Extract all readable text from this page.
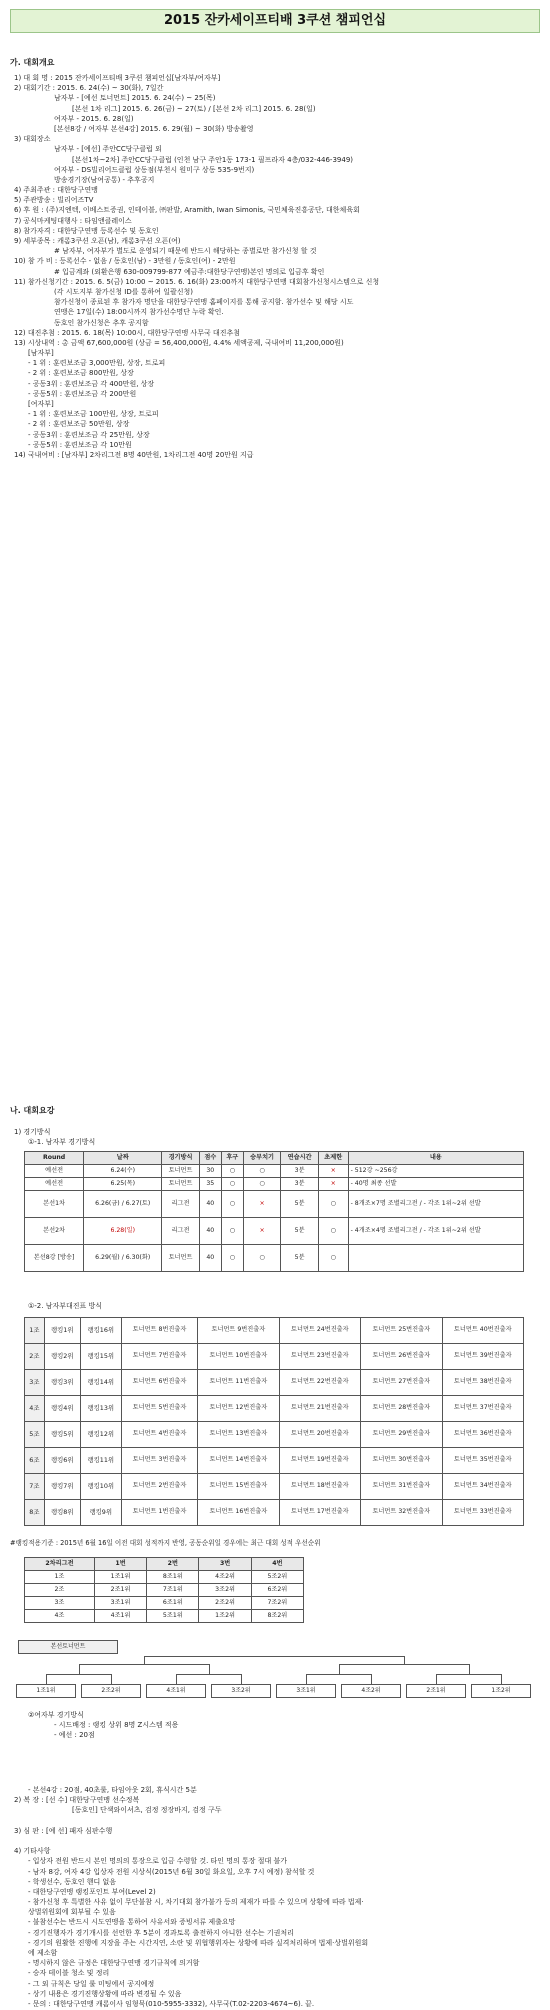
2015 잔카세이프티배 3쿠션 챔피언십
가. 대회개요
1) 대 회 명 : 2015 잔카세이프티배 3쿠션 챔피언십[남자부/여자부]
2) 대회기간 : 2015. 6. 24(수) ~ 30(화), 7일간
남자부 - [예선 토너먼트] 2015. 6. 24(수) ~ 25(목)
[본선 1차 리그] 2015. 6. 26(금) ~ 27(토) / [본선 2차 리그] 2015. 6. 28(일)
여자부 - 2015. 6. 28(일)
[본선8강 / 여자부 본선4강] 2015. 6. 29(월) ~ 30(화) 방송촬영
3) 대회장소
남자부 - [예선] 주안CC당구클럽 외
[본선1차~2차] 주안CC당구클럽 (인천 남구 주안1동 173-1 필프라자 4층/032-446-3949)
여자부 - DS빌리어드클럽 상동점(부천시 원미구 상동 535-9번지)
방송경기장(남여공통) - 추후공지
4) 주최주관 : 대한당구연맹
5) 주관방송 : 빌리어즈TV
6) 후 원 : (주)지엔텍, 이베스트증권, 인테이블, ㈜판발, Aramith, Iwan Simonis, 국민체육진흥공단, 대한체육회
7) 공식마케팅대행사 : 타임앤클레이스
8) 참가자격 : 대한당구연맹 등록선수 및 동호인
9) 세부종목 : 캐롬3쿠션 오픈(남), 캐롬3쿠션 오픈(여)
# 남자부, 여자부가 별도로 운영되기 때문에 반드시 해당하는 종별로만 참가신청 할 것
10) 참 가 비 : 등록선수 - 없음 / 동호인(남) - 3만원 / 동호인(여) - 2만원
# 입금계좌 (외환은행 630-009799-877 예금주:대한당구연맹)본인 명의로 입금후 확인
11) 참가신청기간 : 2015. 6. 5(금) 10:00 ~ 2015. 6. 16(화) 23:00까지 대한당구연맹 대회참가신청시스템으로 신청
(각 시도지부 참가신청 ID를 통하여 일괄신청)
참가신청이 종료된 후 참가자 명단을 대한당구연맹 홈페이지를 통해 공지함. 참가선수 및 해당 시도
연맹은 17일(수) 18:00시까지 참가선수명단 누락 확인.
동호인 참가신청은 추후 공지함
12) 대진추첨 : 2015. 6. 18(목) 10:00시, 대한당구연맹 사무국 대진추첨
13) 시상내역 : 총 금액 67,600,000원 (상금 = 56,400,000원, 4.4% 세액공제, 국내여비 11,200,000원)
[남자부]
- 1 위 : 훈련보조금 3,000만원, 상장, 트로피
- 2 위 : 훈련보조금 800만원, 상장
- 공동3위 : 훈련보조금 각 400만원, 상장
- 공동5위 : 훈련보조금 각 200만원
[여자부]
- 1 위 : 훈련보조금 100만원, 상장, 트로피
- 2 위 : 훈련보조금 50만원, 상장
- 공동3위 : 훈련보조금 각 25만원, 상장
- 공동5위 : 훈련보조금 각 10만원
14) 국내여비 : [남자부] 2차리그전 8명 40만원, 1차리그전 40명 20만원 지급
나. 대회요강
1) 경기방식
①-1. 남자부 경기방식
Round	날짜	경기방식	점수	후구	승부치기	연습시간	초제한	내용
예선전	6.24(수)	토너먼트	30	○	○	3분	×	- 512강 ~256강
예선전	6.25(목)	토너먼트	35	○	○	3분	×	- 40명 최종 선발
본선1차	6.26(금) / 6.27(토)	리그전	40	○	×	5분	○	- 8개조×7명 조별리그전 / - 각조 1위~2위 선발
본선2차	6.28(일)	리그전	40	○	×	5분	○	- 4개조×4명 조별리그전 / - 각조 1위~2위 선발
본선8강 [방송]	6.29(월) / 6.30(화)	토너먼트	40	○	○	5분	○	
①-2. 남자부대진표 방식
1조	랭킹1위	랭킹16위	토너먼트 8번진출자	토너먼트 9번진출자	토너먼트 24번진출자	토너먼트 25번진출자	토너먼트 40번진출자
2조	랭킹2위	랭킹15위	토너먼트 7번진출자	토너먼트 10번진출자	토너먼트 23번진출자	토너먼트 26번진출자	토너먼트 39번진출자
3조	랭킹3위	랭킹14위	토너먼트 6번진출자	토너먼트 11번진출자	토너먼트 22번진출자	토너먼트 27번진출자	토너먼트 38번진출자
4조	랭킹4위	랭킹13위	토너먼트 5번진출자	토너먼트 12번진출자	토너먼트 21번진출자	토너먼트 28번진출자	토너먼트 37번진출자
5조	랭킹5위	랭킹12위	토너먼트 4번진출자	토너먼트 13번진출자	토너먼트 20번진출자	토너먼트 29번진출자	토너먼트 36번진출자
6조	랭킹6위	랭킹11위	토너먼트 3번진출자	토너먼트 14번진출자	토너먼트 19번진출자	토너먼트 30번진출자	토너먼트 35번진출자
7조	랭킹7위	랭킹10위	토너먼트 2번진출자	토너먼트 15번진출자	토너먼트 18번진출자	토너먼트 31번진출자	토너먼트 34번진출자
8조	랭킹8위	랭킹9위	토너먼트 1번진출자	토너먼트 16번진출자	토너먼트 17번진출자	토너먼트 32번진출자	토너먼트 33번진출자
#랭킹적용기준 : 2015년 6월 16일 이전 대회 성적까지 반영, 공동순위일 경우에는 최근 대회 성적 우선순위
2차리그전	1번	2번	3번	4번
1조	1조1위	8조1위	4조2위	5조2위
2조	2조1위	7조1위	3조2위	6조2위
3조	3조1위	6조1위	2조2위	7조2위
4조	4조1위	5조1위	1조2위	8조2위
본선토너먼트
1조1위	2조2위	4조1위	3조2위	3조1위	4조2위	2조1위	1조2위
②여자부 경기방식
- 시드배정 : 랭킹 상위 8명 Z시스템 적용
- 예선 : 20점
- 본선4강 : 20점, 40초룰, 타임아웃 2회, 휴식시간 5분
2) 복 장 : [선 수] 대한당구연맹 선수정복
[동호인] 단색와이셔츠, 검정 정장바지, 검정 구두
3) 심 판 : [예 선] 패자 심판수행
4) 기타사항
- 입상자 전원 반드시 본인 명의의 통장으로 입금 수령할 것. 타인 명의 통장 절대 불가
- 남자 8강, 여자 4강 입상자 전원 시상식(2015년 6월 30일 화요일, 오후 7시 예정) 참석할 것
- 학생선수, 동호인 핸디 없음
- 대한당구연맹 랭킹포인트 부여(Level 2)
- 참가신청 후 특별한 사유 없이 무단불참 시, 차기대회 참가불가 등의 제재가 따를 수 있으며 상황에 따라 법제·
상벌위원회에 회부될 수 있음
- 불참선수는 반드시 시도연맹을 통하여 사유서와 증빙서류 제출요망
- 경기진행자가 경기개시를 선언한 후 5분이 경과토록 출전하지 아니한 선수는 기권처리
- 경기의 원활한 진행에 지장을 주는 시간지연, 소란 및 위협행위자는 상황에 따라 실격처리하며 법제·상벌위원회
에 제소함
- 명시하지 않은 규정은 대한당구연맹 경기규칙에 의거함
- 승자 테이블 청소 및 정리
- 그 외 규칙은 당일 룰 미팅에서 공지예정
- 상기 내용은 경기진행상황에 따라 변경될 수 있음
- 문의 : 대한당구연맹 캐롬이사 임형묵(010-5955-3332), 사무국(T.02-2203-4674~6). 끝.
